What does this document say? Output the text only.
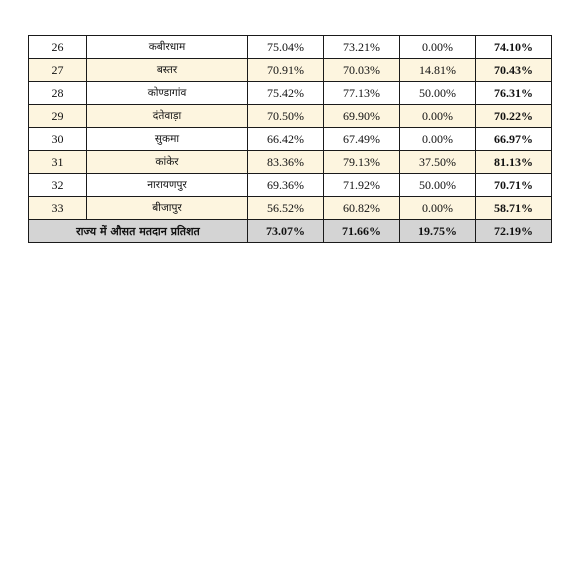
26	कबीरधाम	75.04%	73.21%	0.00%	74.10%
27	बस्तर	70.91%	70.03%	14.81%	70.43%
28	कोण्डागांव	75.42%	77.13%	50.00%	76.31%
29	दंतेवाड़ा	70.50%	69.90%	0.00%	70.22%
30	सुकमा	66.42%	67.49%	0.00%	66.97%
31	कांकेर	83.36%	79.13%	37.50%	81.13%
32	नारायणपुर	69.36%	71.92%	50.00%	70.71%
33	बीजापुर	56.52%	60.82%	0.00%	58.71%
राज्य में औसत मतदान प्रतिशत		73.07%	71.66%	19.75%	72.19%
